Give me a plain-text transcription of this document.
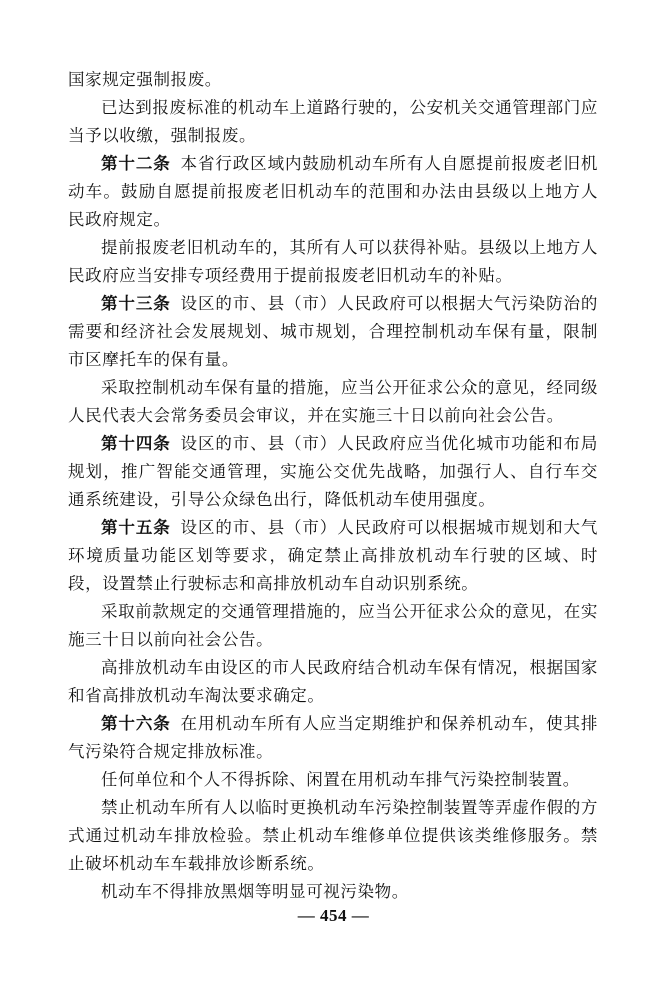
国家规定强制报废。

已达到报废标准的机动车上道路行驶的，公安机关交通管理部门应当予以收缴，强制报废。

第十二条 本省行政区域内鼓励机动车所有人自愿提前报废老旧机动车。鼓励自愿提前报废老旧机动车的范围和办法由县级以上地方人民政府规定。

提前报废老旧机动车的，其所有人可以获得补贴。县级以上地方人民政府应当安排专项经费用于提前报废老旧机动车的补贴。

第十三条 设区的市、县（市）人民政府可以根据大气污染防治的需要和经济社会发展规划、城市规划，合理控制机动车保有量，限制市区摩托车的保有量。

采取控制机动车保有量的措施，应当公开征求公众的意见，经同级人民代表大会常务委员会审议，并在实施三十日以前向社会公告。

第十四条 设区的市、县（市）人民政府应当优化城市功能和布局规划，推广智能交通管理，实施公交优先战略，加强行人、自行车交通系统建设，引导公众绿色出行，降低机动车使用强度。

第十五条 设区的市、县（市）人民政府可以根据城市规划和大气环境质量功能区划等要求，确定禁止高排放机动车行驶的区域、时段，设置禁止行驶标志和高排放机动车自动识别系统。

采取前款规定的交通管理措施的，应当公开征求公众的意见，在实施三十日以前向社会公告。

高排放机动车由设区的市人民政府结合机动车保有情况，根据国家和省高排放机动车淘汰要求确定。

第十六条 在用机动车所有人应当定期维护和保养机动车，使其排气污染符合规定排放标准。

任何单位和个人不得拆除、闲置在用机动车排气污染控制装置。

禁止机动车所有人以临时更换机动车污染控制装置等弄虚作假的方式通过机动车排放检验。禁止机动车维修单位提供该类维修服务。禁止破坏机动车车载排放诊断系统。

机动车不得排放黑烟等明显可视污染物。

— 454 —
